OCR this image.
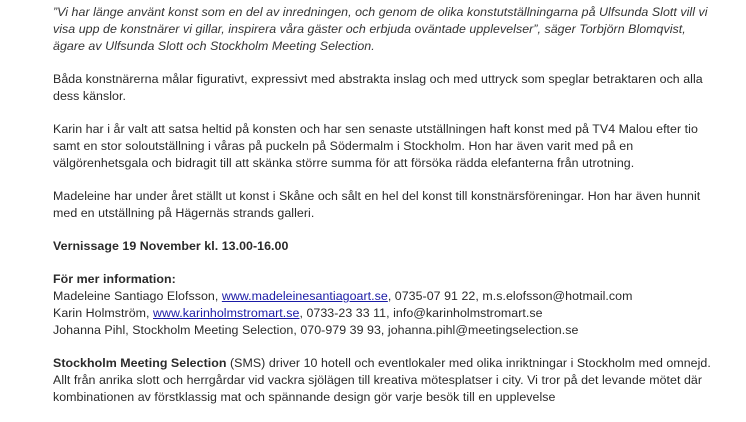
”Vi har länge använt konst som en del av inredningen, och genom de olika konstutställningarna på Ulfsunda Slott vill vi visa upp de konstnärer vi gillar, inspirera våra gäster och erbjuda oväntade upplevelser”, säger Torbjörn Blomqvist, ägare av Ulfsunda Slott och Stockholm Meeting Selection.

Båda konstnärerna målar figurativt, expressivt med abstrakta inslag och med uttryck som speglar betraktaren och alla dess känslor.

Karin har i år valt att satsa heltid på konsten och har sen senaste utställningen haft konst med på TV4 Malou efter tio samt en stor soloutställning i våras på puckeln på Södermalm i Stockholm. Hon har även varit med på en välgörenhetsgala och bidragit till att skänka större summa för att försöka rädda elefanterna från utrotning.

Madeleine har under året ställt ut konst i Skåne och sålt en hel del konst till konstnärsföreningar. Hon har även hunnit med en utställning på Hägernäs strands galleri.

Vernissage 19 November kl. 13.00-16.00

För mer information:
Madeleine Santiago Elofsson, www.madeleinesantiagoart.se, 0735-07 91 22, m.s.elofsson@hotmail.com
Karin Holmström, www.karinholmstromart.se, 0733-23 33 11, info@karinholmstromart.se
Johanna Pihl, Stockholm Meeting Selection, 070-979 39 93, johanna.pihl@meetingselection.se

Stockholm Meeting Selection (SMS) driver 10 hotell och eventlokaler med olika inriktningar i Stockholm med omnejd. Allt från anrika slott och herrgårdar vid vackra sjölägen till kreativa mötesplatser i city. Vi tror på det levande mötet där kombinationen av förstklassig mat och spännande design gör varje besök till en upplevelse
